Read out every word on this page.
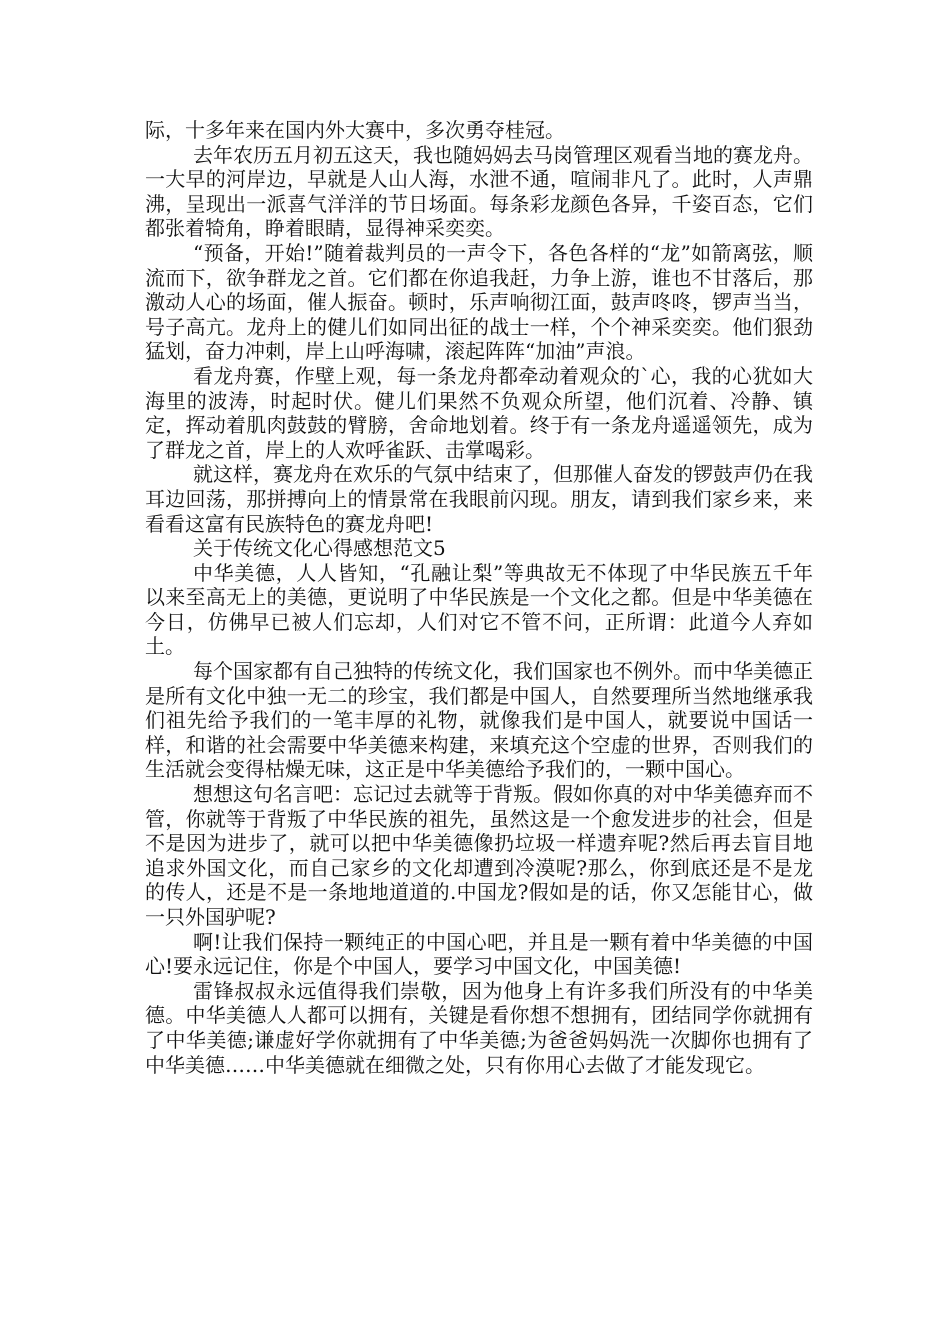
际，十多年来在国内外大赛中，多次勇夺桂冠。

去年农历五月初五这天，我也随妈妈去马岗管理区观看当地的赛龙舟。一大早的河岸边，早就是人山人海，水泄不通，喧闹非凡了。此时，人声鼎沸，呈现出一派喜气洋洋的节日场面。每条彩龙颜色各异，千姿百态，它们都张着犄角，睁着眼睛，显得神采奕奕。

“预备，开始!”随着裁判员的一声令下，各色各样的“龙”如箭离弦，顺流而下，欲争群龙之首。它们都在你追我赶，力争上游，谁也不甘落后，那激动人心的场面，催人振奋。顿时，乐声响彻江面，鼓声咚咚，锣声当当，号子高亢。龙舟上的健儿们如同出征的战士一样，个个神采奕奕。他们狠劲猛划，奋力冲刺，岸上山呼海啸，滚起阵阵“加油”声浪。

看龙舟赛，作壁上观，每一条龙舟都牵动着观众的`心，我的心犹如大海里的波涛，时起时伏。健儿们果然不负观众所望，他们沉着、冷静、镇定，挥动着肌肉鼓鼓的臂膀，舍命地划着。终于有一条龙舟遥遥领先，成为了群龙之首，岸上的人欢呼雀跃、击掌喝彩。

就这样，赛龙舟在欢乐的气氛中结束了，但那催人奋发的锣鼓声仍在我耳边回荡，那拼搏向上的情景常在我眼前闪现。朋友，请到我们家乡来，来看看这富有民族特色的赛龙舟吧!

关于传统文化心得感想范文5

中华美德，人人皆知，“孔融让梨”等典故无不体现了中华民族五千年以来至高无上的美德，更说明了中华民族是一个文化之都。但是中华美德在今日，仿佛早已被人们忘却，人们对它不管不问，正所谓：此道今人弃如土。

每个国家都有自己独特的传统文化，我们国家也不例外。而中华美德正是所有文化中独一无二的珍宝，我们都是中国人，自然要理所当然地继承我们祖先给予我们的一笔丰厚的礼物，就像我们是中国人，就要说中国话一样，和谐的社会需要中华美德来构建，来填充这个空虚的世界，否则我们的生活就会变得枯燥无味，这正是中华美德给予我们的，一颗中国心。

想想这句名言吧：忘记过去就等于背叛。假如你真的对中华美德弃而不管，你就等于背叛了中华民族的祖先，虽然这是一个愈发进步的社会，但是不是因为进步了，就可以把中华美德像扔垃圾一样遗弃呢?然后再去盲目地追求外国文化，而自己家乡的文化却遭到冷漠呢?那么，你到底还是不是龙的传人，还是不是一条地地道道的.中国龙?假如是的话，你又怎能甘心，做一只外国驴呢?

啊!让我们保持一颗纯正的中国心吧，并且是一颗有着中华美德的中国心!要永远记住，你是个中国人，要学习中国文化，中国美德!

雷锋叔叔永远值得我们崇敬，因为他身上有许多我们所没有的中华美德。中华美德人人都可以拥有，关键是看你想不想拥有，团结同学你就拥有了中华美德;谦虚好学你就拥有了中华美德;为爸爸妈妈洗一次脚你也拥有了中华美德……中华美德就在细微之处，只有你用心去做了才能发现它。
